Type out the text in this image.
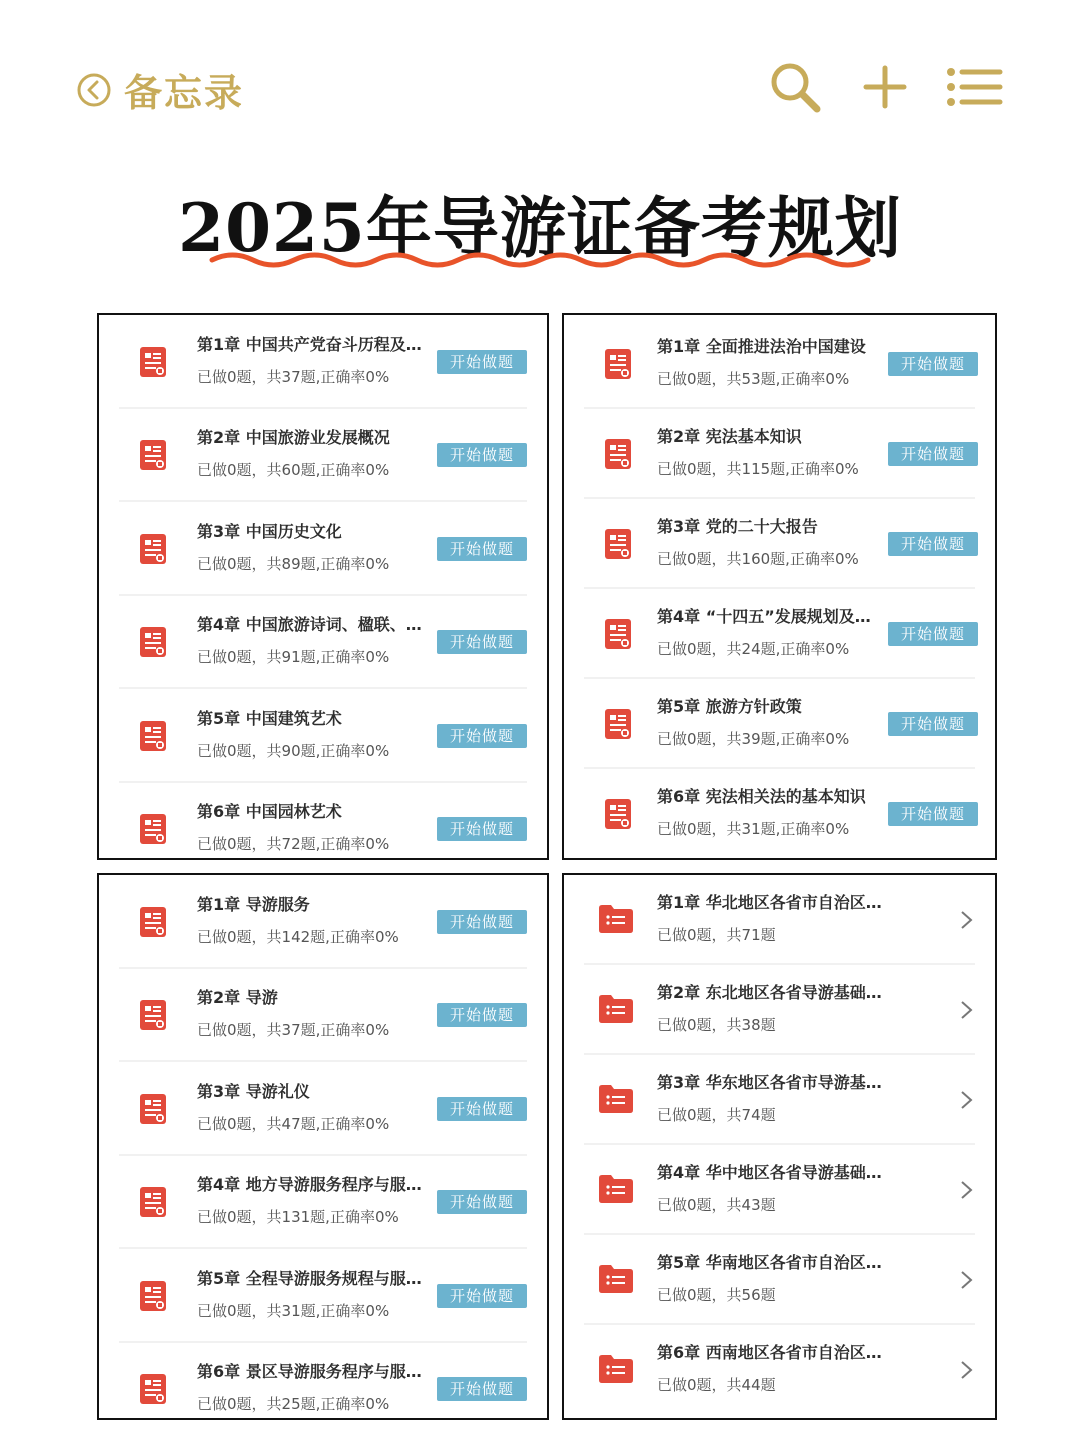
备忘录
2025年导游证备考规划
第1章 中国共产党奋斗历程及…
已做0题，共37题,正确率0%
开始做题
第2章 中国旅游业发展概况
已做0题，共60题,正确率0%
开始做题
第3章 中国历史文化
已做0题，共89题,正确率0%
开始做题
第4章 中国旅游诗词、楹联、…
已做0题，共91题,正确率0%
开始做题
第5章 中国建筑艺术
已做0题，共90题,正确率0%
开始做题
第6章 中国园林艺术
已做0题，共72题,正确率0%
开始做题
第1章 全面推进法治中国建设
已做0题，共53题,正确率0%
开始做题
第2章 宪法基本知识
已做0题，共115题,正确率0%
开始做题
第3章 党的二十大报告
已做0题，共160题,正确率0%
开始做题
第4章 “十四五”发展规划及…
已做0题，共24题,正确率0%
开始做题
第5章 旅游方针政策
已做0题，共39题,正确率0%
开始做题
第6章 宪法相关法的基本知识
已做0题，共31题,正确率0%
开始做题
第1章 导游服务
已做0题，共142题,正确率0%
开始做题
第2章 导游
已做0题，共37题,正确率0%
开始做题
第3章 导游礼仪
已做0题，共47题,正确率0%
开始做题
第4章 地方导游服务程序与服…
已做0题，共131题,正确率0%
开始做题
第5章 全程导游服务规程与服…
已做0题，共31题,正确率0%
开始做题
第6章 景区导游服务程序与服…
已做0题，共25题,正确率0%
开始做题
第1章 华北地区各省市自治区…
已做0题，共71题
第2章 东北地区各省导游基础…
已做0题，共38题
第3章 华东地区各省市导游基…
已做0题，共74题
第4章 华中地区各省导游基础…
已做0题，共43题
第5章 华南地区各省市自治区…
已做0题，共56题
第6章 西南地区各省市自治区…
已做0题，共44题
